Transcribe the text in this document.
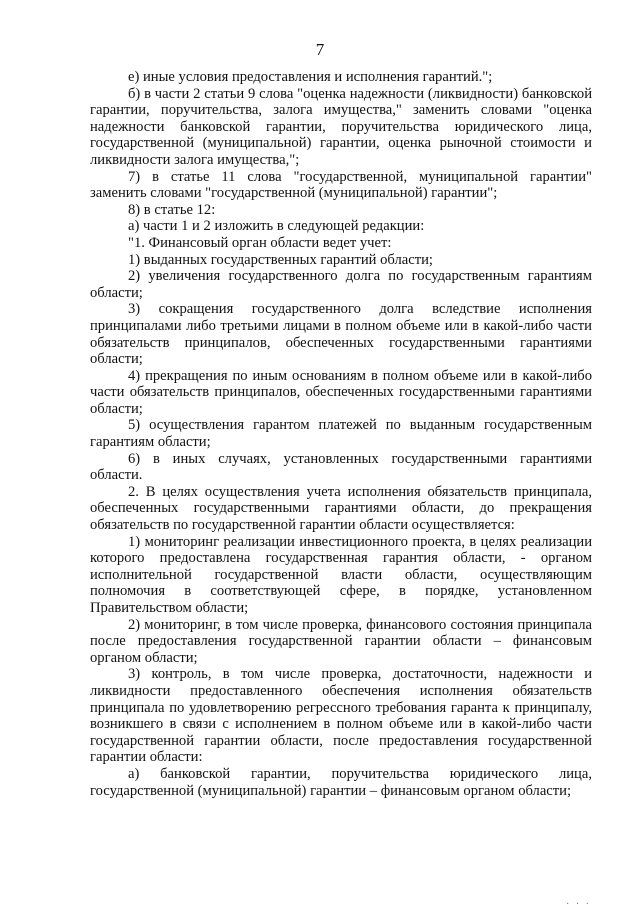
7

е) иные условия предоставления и исполнения гарантий.";

б) в части 2 статьи 9 слова "оценка надежности (ликвидности) банковской гарантии, поручительства, залога имущества," заменить словами "оценка надежности банковской гарантии, поручительства юридического лица, государственной (муниципальной) гарантии, оценка рыночной стоимости и ликвидности залога имущества,";

7) в статье 11 слова "государственной, муниципальной гарантии" заменить словами "государственной (муниципальной) гарантии";

8) в статье 12:

а) части 1 и 2 изложить в следующей редакции:

"1. Финансовый орган области ведет учет:

1) выданных государственных гарантий области;

2) увеличения государственного долга по государственным гарантиям области;

3) сокращения государственного долга вследствие исполнения принципалами либо третьими лицами в полном объеме или в какой-либо части обязательств принципалов, обеспеченных государственными гарантиями области;

4) прекращения по иным основаниям в полном объеме или в какой-либо части обязательств принципалов, обеспеченных государственными гарантиями области;

5) осуществления гарантом платежей по выданным государственным гарантиям области;

6) в иных случаях, установленных государственными гарантиями области.

2. В целях осуществления учета исполнения обязательств принципала, обеспеченных государственными гарантиями области, до прекращения обязательств по государственной гарантии области осуществляется:

1) мониторинг реализации инвестиционного проекта, в целях реализации которого предоставлена государственная гарантия области, - органом исполнительной государственной власти области, осуществляющим полномочия в соответствующей сфере, в порядке, установленном Правительством области;

2) мониторинг, в том числе проверка, финансового состояния принципала после предоставления государственной гарантии области – финансовым органом области;

3) контроль, в том числе проверка, достаточности, надежности и ликвидности предоставленного обеспечения исполнения обязательств принципала по удовлетворению регрессного требования гаранта к принципалу, возникшего в связи с исполнением в полном объеме или в какой-либо части государственной гарантии области, после предоставления государственной гарантии области:

а) банковской гарантии, поручительства юридического лица, государственной (муниципальной) гарантии – финансовым органом области;

· · ·
